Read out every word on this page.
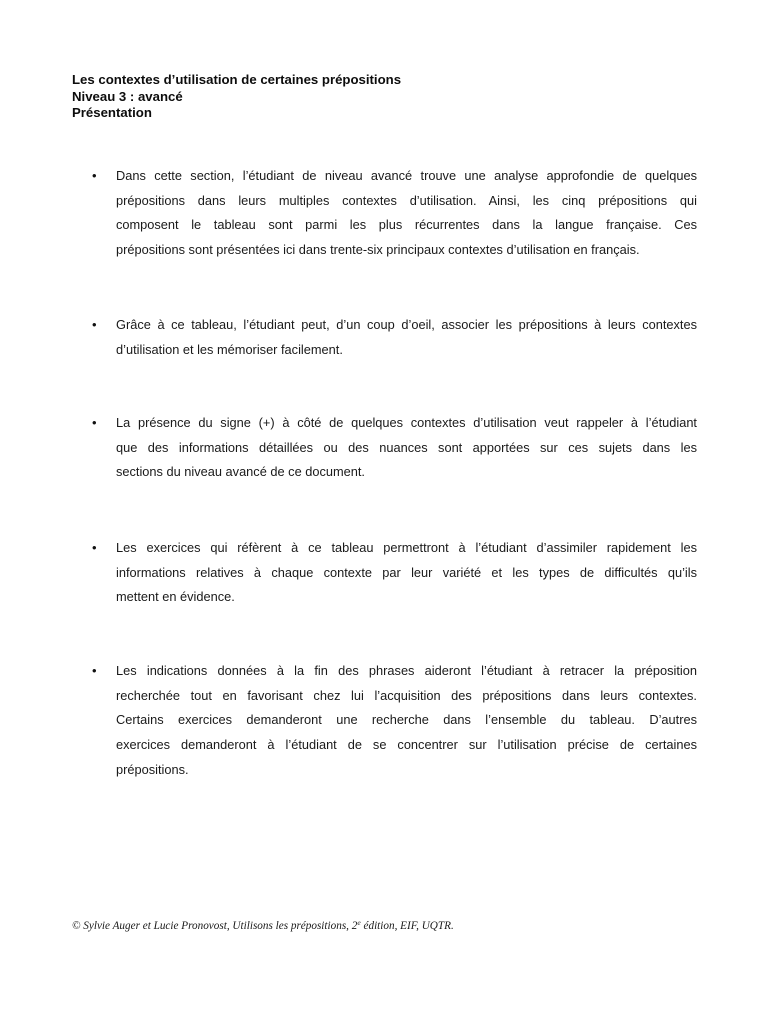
Les contextes d’utilisation de certaines prépositions
Niveau 3 : avancé
Présentation
• Dans cette section, l’étudiant de niveau avancé trouve une analyse approfondie de quelques
prépositions dans leurs multiples contextes d’utilisation. Ainsi, les cinq prépositions qui
composent le tableau sont parmi les plus récurrentes dans la langue française. Ces
prépositions sont présentées ici dans trente-six principaux contextes d’utilisation en français.
• Grâce à ce tableau, l’étudiant peut, d’un coup d’oeil, associer les prépositions à leurs contextes
d’utilisation et les mémoriser facilement.
• La présence du signe (+) à côté de quelques contextes d’utilisation veut rappeler à l’étudiant
que des informations détaillées ou des nuances sont apportées sur ces sujets dans les
sections du niveau avancé de ce document.
• Les exercices qui réfèrent à ce tableau permettront à l’étudiant d’assimiler rapidement les
informations relatives à chaque contexte par leur variété et les types de difficultés qu’ils
mettent en évidence.
• Les indications données à la fin des phrases aideront l’étudiant à retracer la préposition
recherchée tout en favorisant chez lui l’acquisition des prépositions dans leurs contextes.
Certains exercices demanderont une recherche dans l’ensemble du tableau. D’autres
exercices demanderont à l’étudiant de se concentrer sur l’utilisation précise de certaines
prépositions.
© Sylvie Auger et Lucie Pronovost, Utilisons les prépositions, 2e édition, EIF, UQTR.
